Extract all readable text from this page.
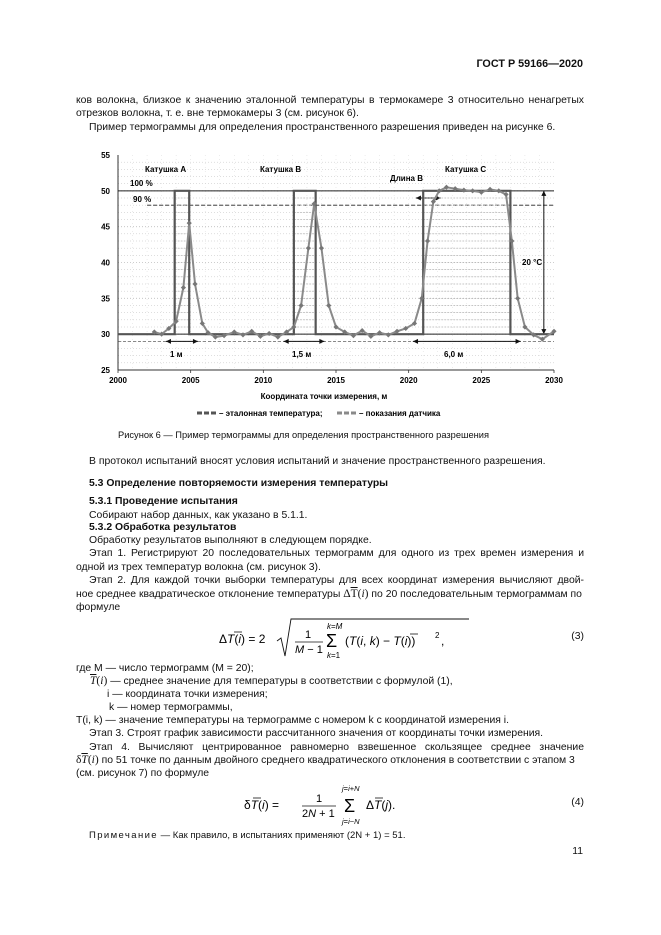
ГОСТ Р 59166—2020
ков волокна, близкое к значению эталонной температуры в термокамере 3 относительно ненагретых
отрезков волокна, т. е. вне термокамеры 3 (см. рисунок 6).
Пример термограммы для определения пространственного разрешения приведен на рисунке 6.
2000	2005	2010	2015	2020	2025	2030
25
30
35
40
45
50
55
Катушка А	Катушка В	Катушка С
100 %
90 %
Длина В
20 °С
1 м	1,5 м	6,0 м
Координата точки измерения, м
– эталонная температура;	– показания датчика
Рисунок 6 — Пример термограммы для определения пространственного разрешения
В протокол испытаний вносят условия испытаний и значение пространственного разрешения.
5.3 Определение повторяемости измерения температуры
5.3.1 Проведение испытания
Собирают набор данных, как указано в 5.1.1.
5.3.2 Обработка результатов
Обработку результатов выполняют в следующем порядке.
Этап 1. Регистрируют 20 последовательных термограмм для одного из трех времен измерения и
одной из трех температур волокна (см. рисунок 3).
Этап 2. Для каждой точки выборки температуры для всех координат измерения вычисляют двой-
ное среднее квадратическое отклонение температуры $\Delta\overline{T}(i)$ по 20 последовательным термограммам по
формуле
ΔT(i) = 2	1
M − 1
k=M
Σ
k=1
(T(i, k) − T(i)) 2 ,	(3)
где M — число термограмм (M = 20);
$\overline{T}(i)$ — среднее значение для температуры в соответствии с формулой (1),
i — координата точки измерения;
k — номер термограммы,
T(i, k) — значение температуры на термограмме с номером k с координатой измерения i.
Этап 3. Строят график зависимости рассчитанного значения от координаты точки измерения.
Этап 4. Вычисляют центрированное равномерно взвешенное скользящее среднее значение
$\delta\overline{T}(i)$ по 51 точке по данным двойного среднего квадратического отклонения в соответствии с этапом 3
(см. рисунок 7) по формуле
δT(i) =	1
2N + 1
j=i+N
Σ
j=i−N
ΔT(j).	(4)
Примечание — Как правило, в испытаниях применяют (2N + 1) = 51.
11
